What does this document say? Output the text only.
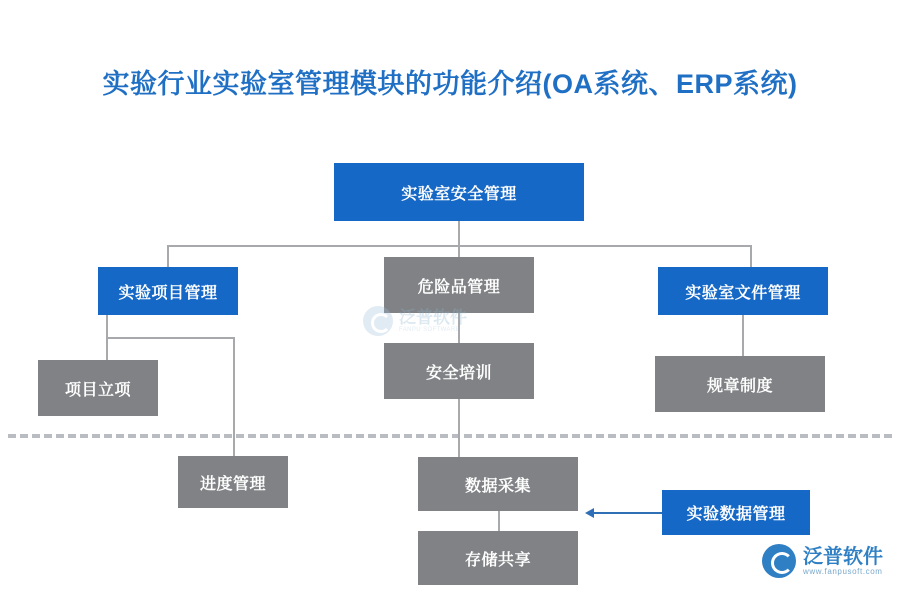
实验行业实验室管理模块的功能介绍(OA系统、ERP系统)
实验室安全管理
实验项目管理	危险品管理	实验室文件管理
项目立项
安全培训
规章制度
进度管理	数据采集
存储共享
实验数据管理
泛普软件
FANPU SOFTWARE
泛普软件
www.fanpusoft.com
